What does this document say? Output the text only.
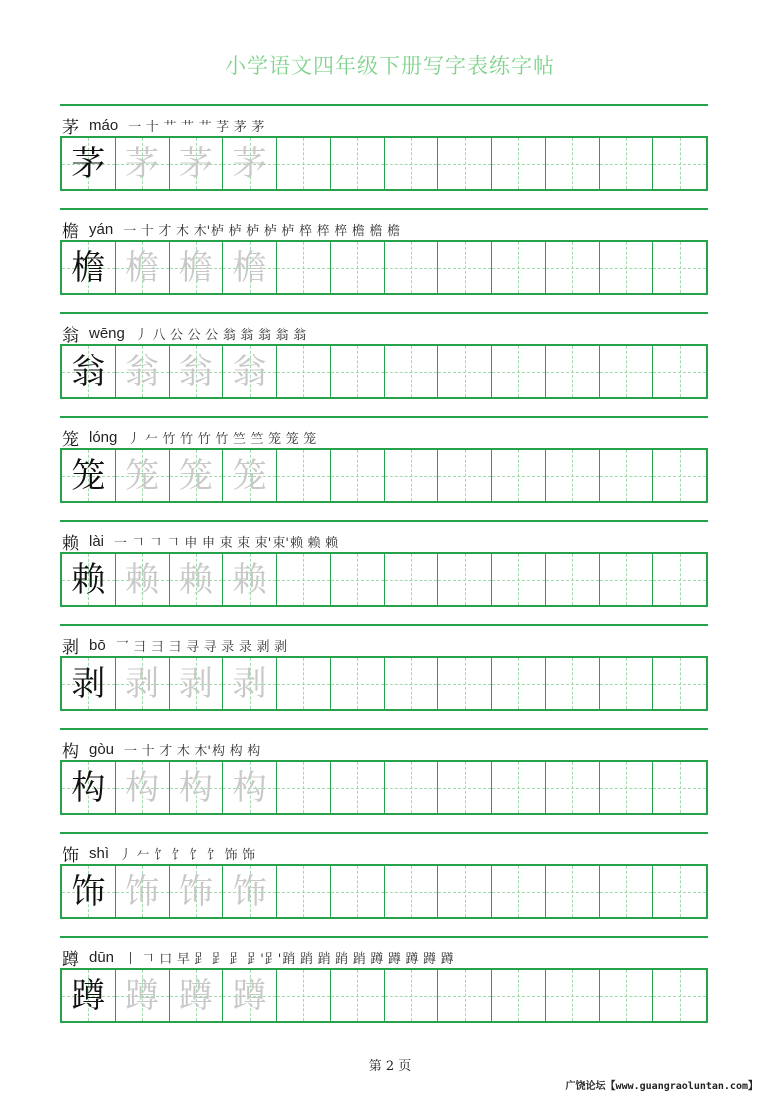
小学语文四年级下册写字表练字帖
茅 máo 一 十 艹 艹 艹 芓 茅 茅
茅 茅 茅 茅
檐 yán 一 十 才 木 木' 栌 栌 栌 栌 栌 椊 椊 椊 檐 檐 檐
檐 檐 檐 檐
翁 wēng 丿 八 公 公 公 翁 翁 翁 翁 翁
翁 翁 翁 翁
笼 lóng 丿 𠂉 竹 竹 竹 竹 竺 竺 笼 笼 笼
笼 笼 笼 笼
赖 lài 一 𠃍 𠃍 𠃍 申 申 束 束 束' 束' 赖 赖 赖
赖 赖 赖 赖
剥 bō 乛 彐 彐 彐 寻 寻 录 录 剥 剥
剥 剥 剥 剥
构 gòu 一 十 才 木 木' 构 构 构
构 构 构 构
饰 shì 丿 𠂉 饣 饣 饣 饣 饰 饰
饰 饰 饰 饰
蹲 dūn 丨 𠃍 口 早 𧾷 𧾷 𧾷 𧾷' 𧾷' 踃 踃 踃 踃 踃 蹲 蹲 蹲 蹲 蹲
蹲 蹲 蹲 蹲
第 2 页
广饶论坛【www.guangraoluntan.com】
